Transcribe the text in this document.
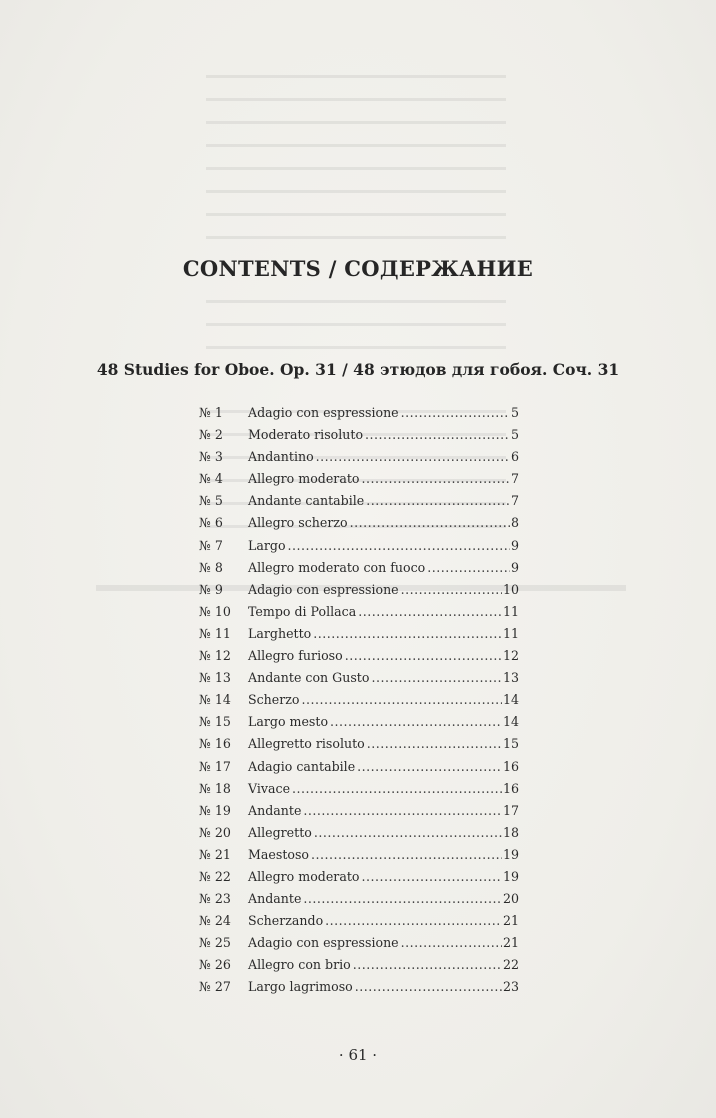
CONTENTS / СОДЕРЖАНИЕ
48 Studies for Oboe. Op. 31 / 48 этюдов для гобоя. Соч. 31
№ 1	Adagio con espressione .....	5
№ 2	Moderato risoluto .....	5
№ 3	Andantino .....	6
№ 4	Allegro moderato .....	7
№ 5	Andante cantabile .....	7
№ 6	Allegro scherzo .....	8
№ 7	Largo .....	9
№ 8	Allegro moderato con fuoco .....	9
№ 9	Adagio con espressione .....	10
№ 10	Tempo di Pollaca .....	11
№ 11	Larghetto .....	11
№ 12	Allegro furioso .....	12
№ 13	Andante con Gusto .....	13
№ 14	Scherzo .....	14
№ 15	Largo mesto .....	14
№ 16	Allegretto risoluto .....	15
№ 17	Adagio cantabile .....	16
№ 18	Vivace .....	16
№ 19	Andante .....	17
№ 20	Allegretto .....	18
№ 21	Maestoso .....	19
№ 22	Allegro moderato .....	19
№ 23	Andante .....	20
№ 24	Scherzando .....	21
№ 25	Adagio con espressione .....	21
№ 26	Allegro con brio .....	22
№ 27	Largo lagrimoso .....	23
· 61 ·
